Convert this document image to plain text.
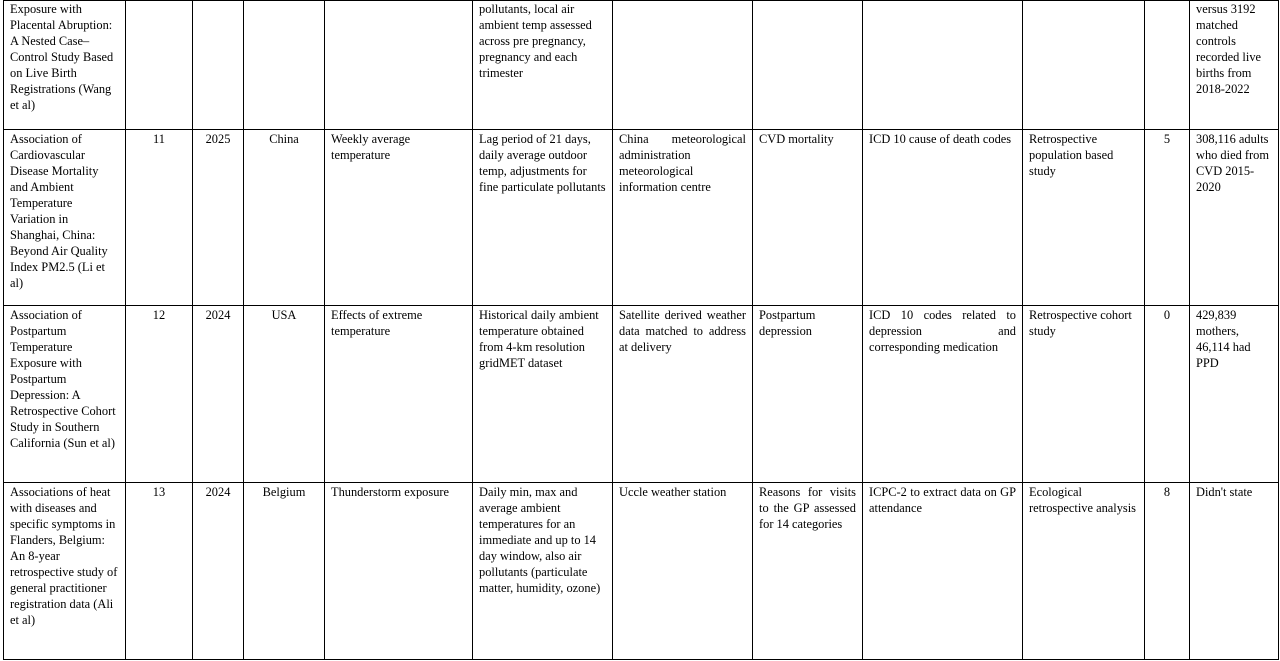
Exposure with Placental Abruption: A Nested Case–Control Study Based on Live Birth Registrations (Wang et al)					pollutants, local air ambient temp assessed across pre pregnancy, pregnancy and each trimester						versus 3192 matched controls recorded live births from 2018-2022
Association of Cardiovascular Disease Mortality and Ambient Temperature Variation in Shanghai, China: Beyond Air Quality Index PM2.5 (Li et al)	11	2025	China	Weekly average temperature	Lag period of 21 days, daily average outdoor temp, adjustments for fine particulate pollutants	China meteorological administration meteorological information centre	CVD mortality	ICD 10 cause of death codes	Retrospective population based study	5	308,116 adults who died from CVD 2015-2020
Association of Postpartum Temperature Exposure with Postpartum Depression: A Retrospective Cohort Study in Southern California (Sun et al)	12	2024	USA	Effects of extreme temperature	Historical daily ambient temperature obtained from 4-km resolution gridMET dataset	Satellite derived weather data matched to address at delivery	Postpartum depression	ICD 10 codes related to depression and corresponding medication	Retrospective cohort study	0	429,839 mothers, 46,114 had PPD
Associations of heat with diseases and specific symptoms in Flanders, Belgium: An 8-year retrospective study of general practitioner registration data (Ali et al)	13	2024	Belgium	Thunderstorm exposure	Daily min, max and average ambient temperatures for an immediate and up to 14 day window, also air pollutants (particulate matter, humidity, ozone)	Uccle weather station	Reasons for visits to the GP assessed for 14 categories	ICPC-2 to extract data on GP attendance	Ecological retrospective analysis	8	Didn't state
